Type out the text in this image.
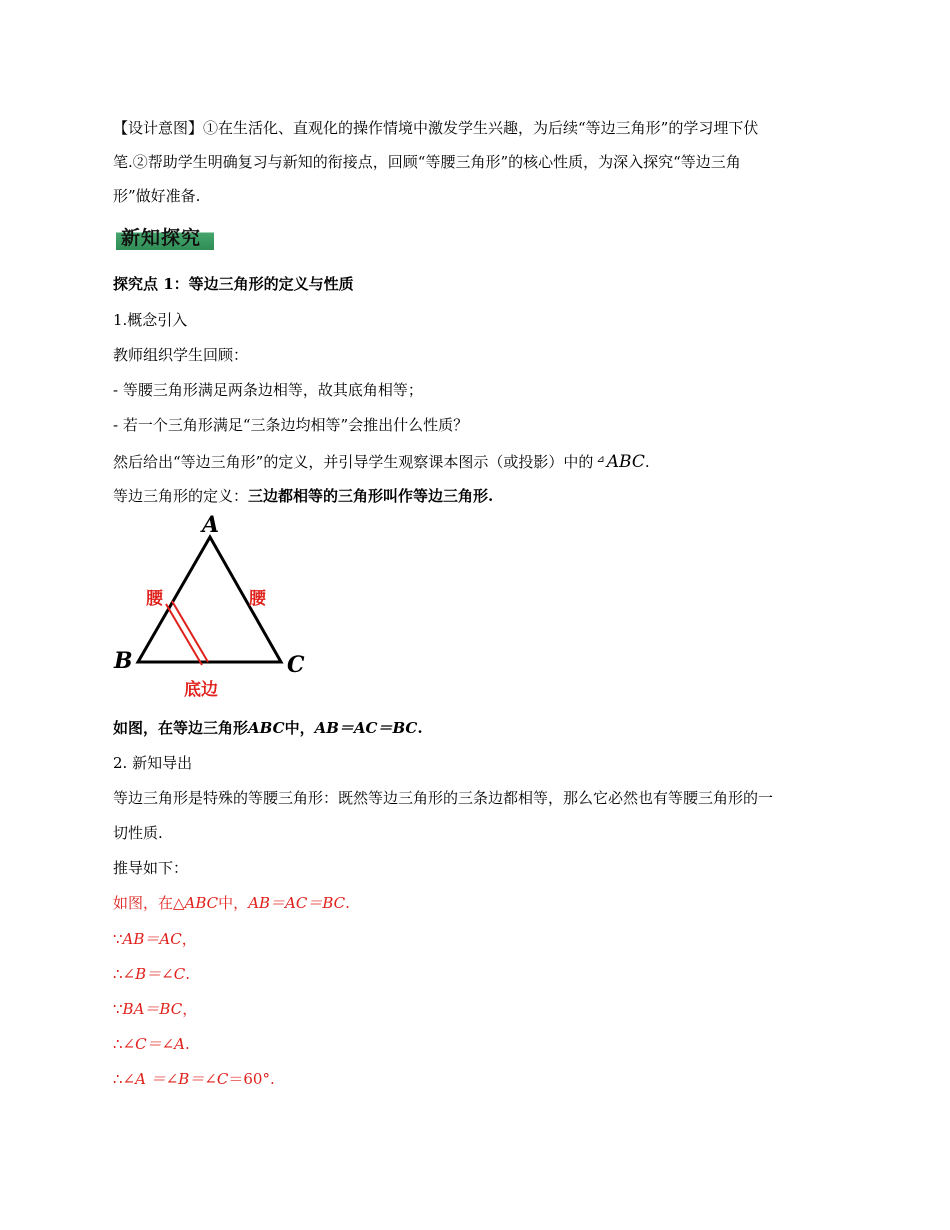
【设计意图】①在生活化、直观化的操作情境中激发学生兴趣，为后续“等边三角形”的学习埋下伏
笔.②帮助学生明确复习与新知的衔接点，回顾“等腰三角形”的核心性质，为深入探究“等边三角
形”做好准备.
新知探究
探究点 1：等边三角形的定义与性质
1.概念引入
教师组织学生回顾：
- 等腰三角形满足两条边相等，故其底角相等；
- 若一个三角形满足“三条边均相等”会推出什么性质？
然后给出“等边三角形”的定义，并引导学生观察课本图示（或投影）中的 ⊿ ABC.
等边三角形的定义：三边都相等的三角形叫作等边三角形.
A
B	C
腰	腰
底边
如图，在等边三角形ABC中，AB＝AC＝BC.
2. 新知导出
等边三角形是特殊的等腰三角形：既然等边三角形的三条边都相等，那么它必然也有等腰三角形的一
切性质.
推导如下：
如图，在△ABC中，AB＝AC＝BC.
∵AB＝AC，
∴∠B＝∠C.
∵BA＝BC，
∴∠C＝∠A.
∴∠A ＝∠B＝∠C＝60°.
